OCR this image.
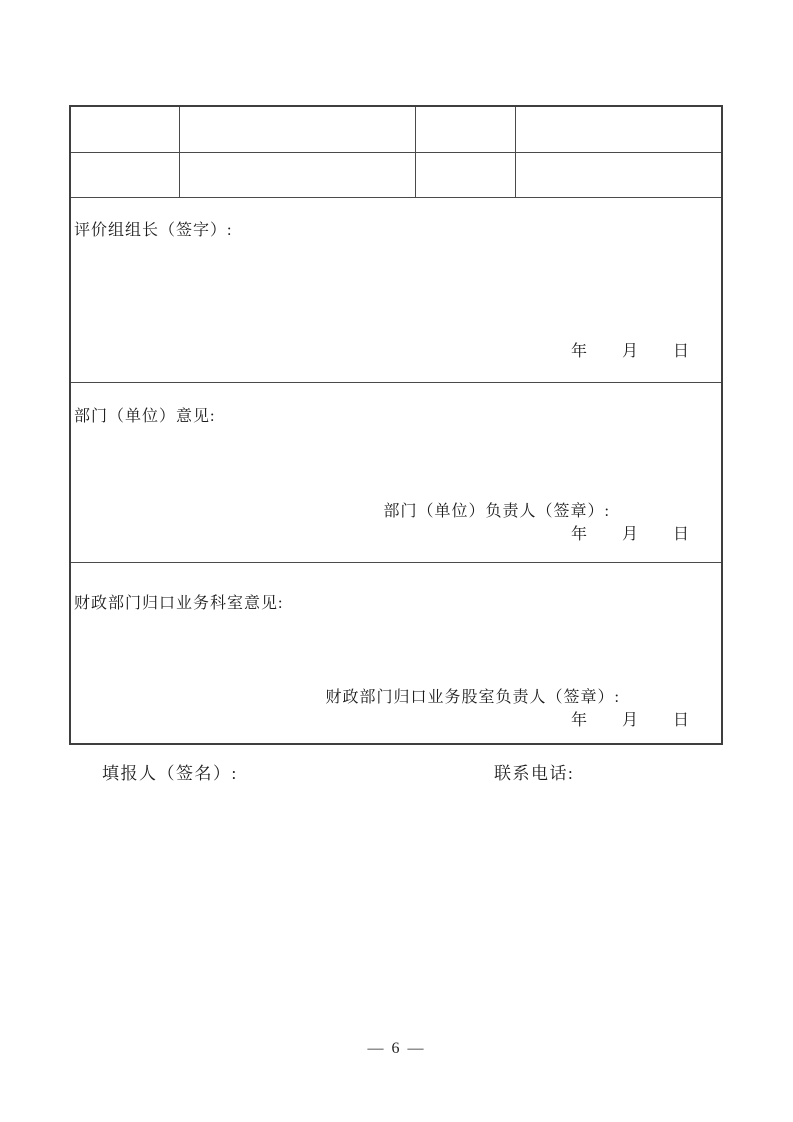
评价组组长（签字）:
年　　月　　日
部门（单位）意见:
部门（单位）负责人（签章）:
年　　月　　日
财政部门归口业务科室意见:
财政部门归口业务股室负责人（签章）:
年　　月　　日
填报人（签名）:	联系电话:
— 6 —
